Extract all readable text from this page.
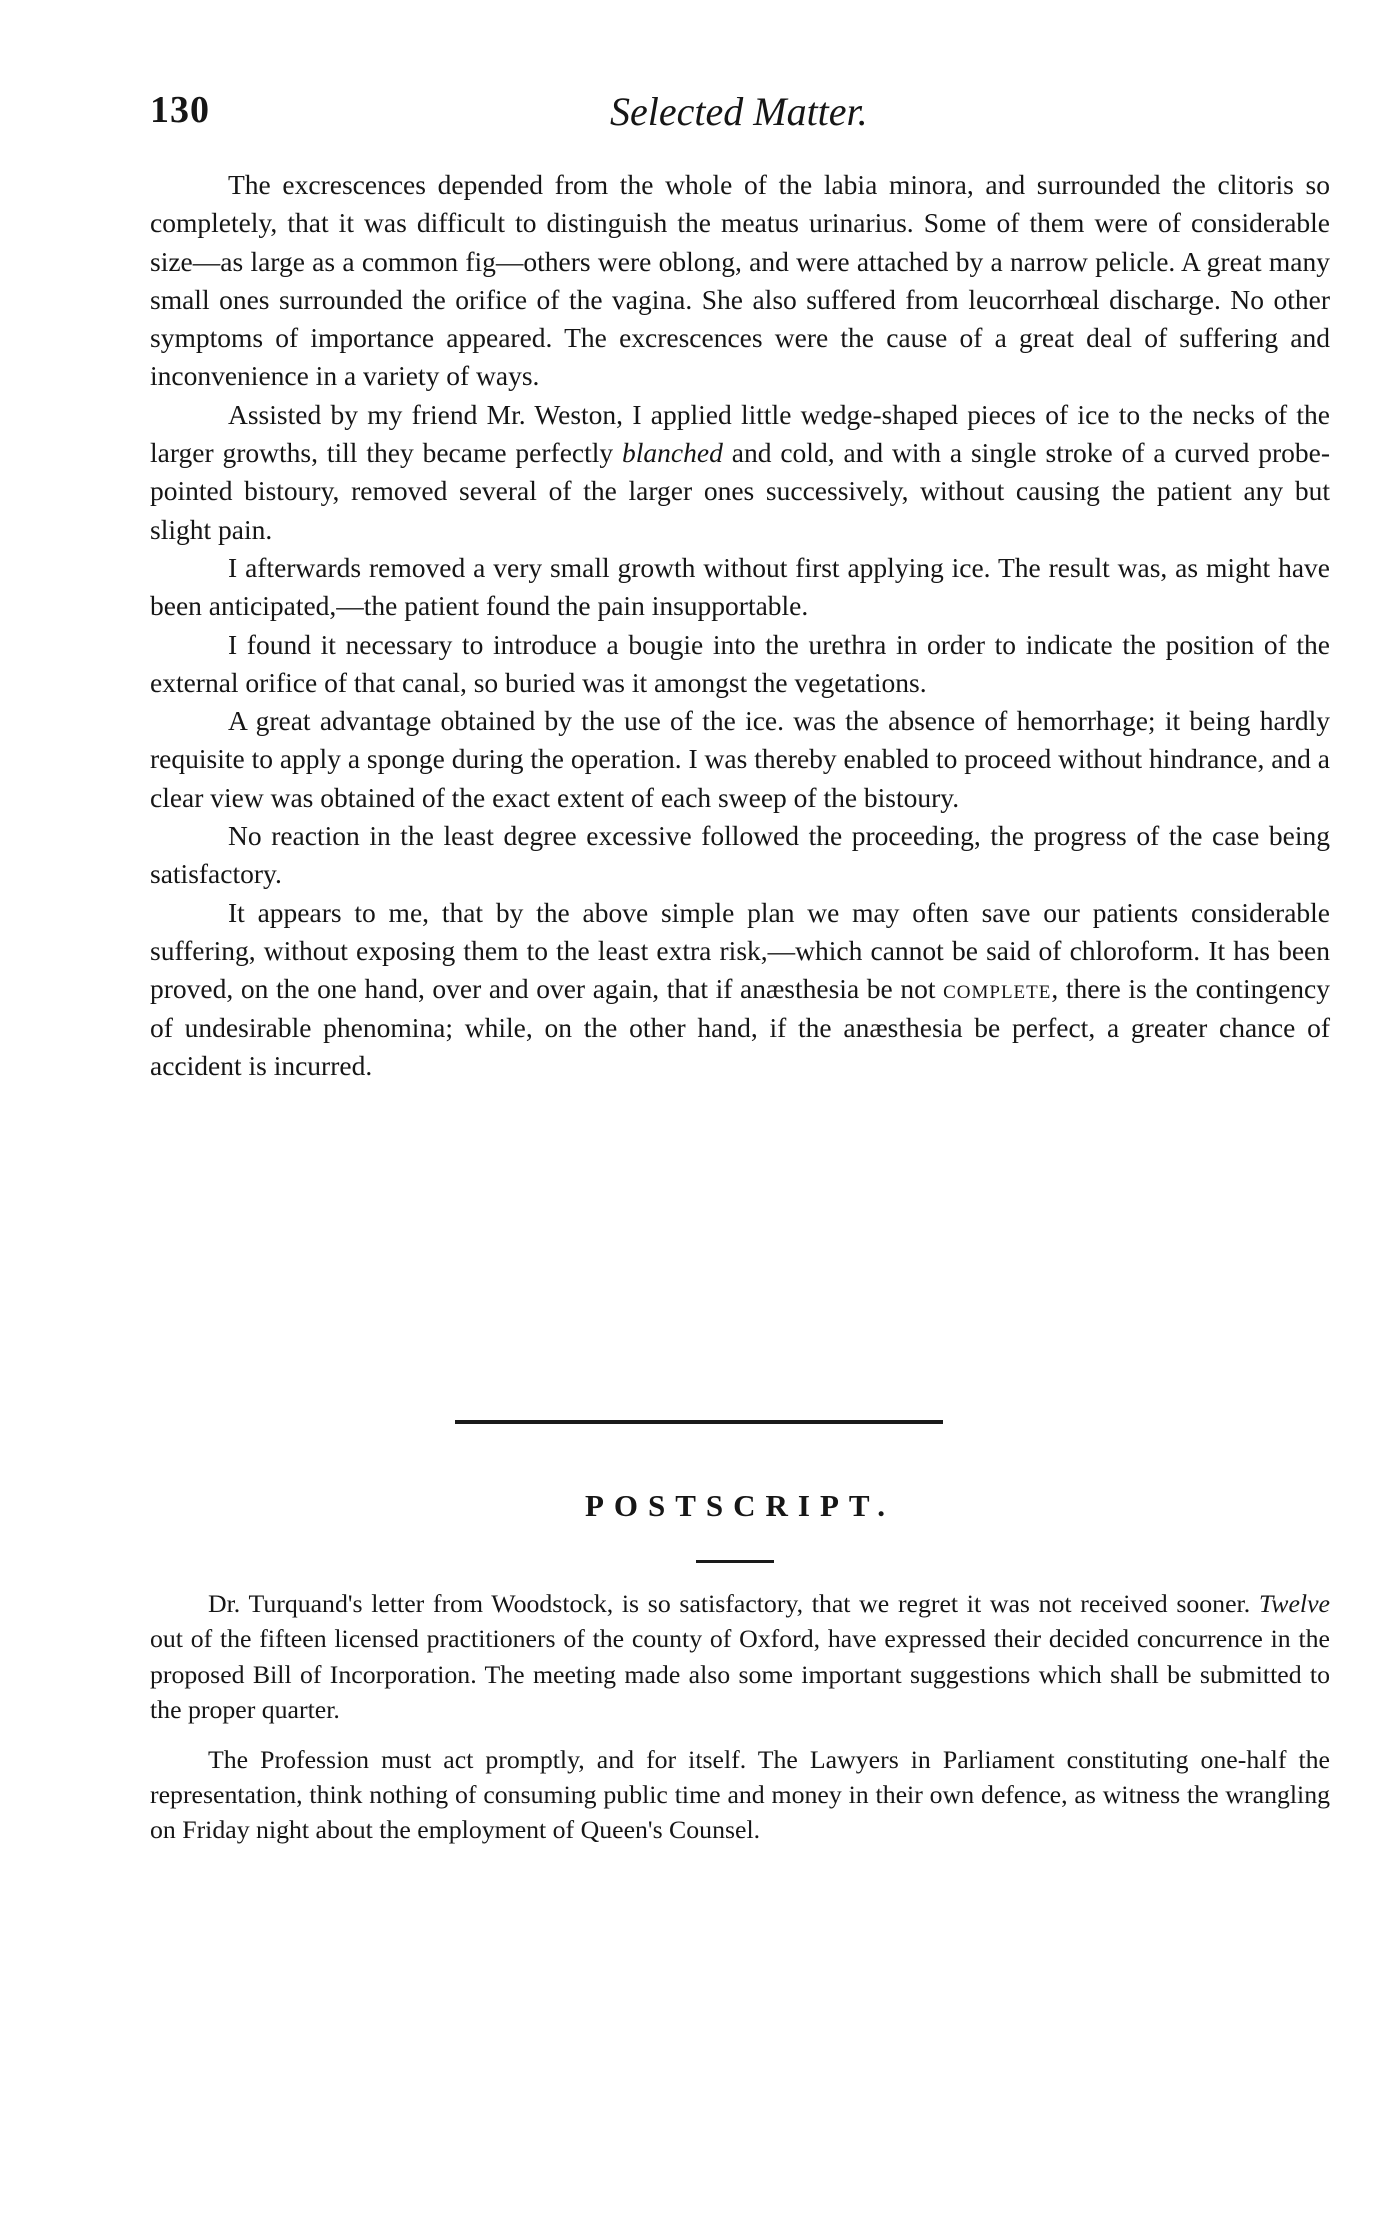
130	Selected Matter.

The excrescences depended from the whole of the labia minora, and surrounded the clitoris so completely, that it was difficult to distinguish the meatus urinarius. Some of them were of considerable size—as large as a common fig—others were oblong, and were attached by a narrow pelicle. A great many small ones surrounded the orifice of the vagina. She also suffered from leucorrhœal discharge. No other symptoms of importance appeared. The excrescences were the cause of a great deal of suffering and inconvenience in a variety of ways.

Assisted by my friend Mr. Weston, I applied little wedge-shaped pieces of ice to the necks of the larger growths, till they became perfectly blanched and cold, and with a single stroke of a curved probe-pointed bistoury, removed several of the larger ones successively, without causing the patient any but slight pain.

I afterwards removed a very small growth without first applying ice. The result was, as might have been anticipated,—the patient found the pain insupportable.

I found it necessary to introduce a bougie into the urethra in order to indicate the position of the external orifice of that canal, so buried was it amongst the vegetations.

A great advantage obtained by the use of the ice. was the absence of hemorrhage; it being hardly requisite to apply a sponge during the operation. I was thereby enabled to proceed without hindrance, and a clear view was obtained of the exact extent of each sweep of the bistoury.

No reaction in the least degree excessive followed the proceeding, the progress of the case being satisfactory.

It appears to me, that by the above simple plan we may often save our patients considerable suffering, without exposing them to the least extra risk,—which cannot be said of chloroform. It has been proved, on the one hand, over and over again, that if anæsthesia be not complete, there is the contingency of undesirable phenomina; while, on the other hand, if the anæsthesia be perfect, a greater chance of accident is incurred.

POSTSCRIPT.

Dr. Turquand's letter from Woodstock, is so satisfactory, that we regret it was not received sooner. Twelve out of the fifteen licensed practitioners of the county of Oxford, have expressed their decided concurrence in the proposed Bill of Incorporation. The meeting made also some important suggestions which shall be submitted to the proper quarter.

The Profession must act promptly, and for itself. The Lawyers in Parliament constituting one-half the representation, think nothing of consuming public time and money in their own defence, as witness the wrangling on Friday night about the employment of Queen's Counsel.
